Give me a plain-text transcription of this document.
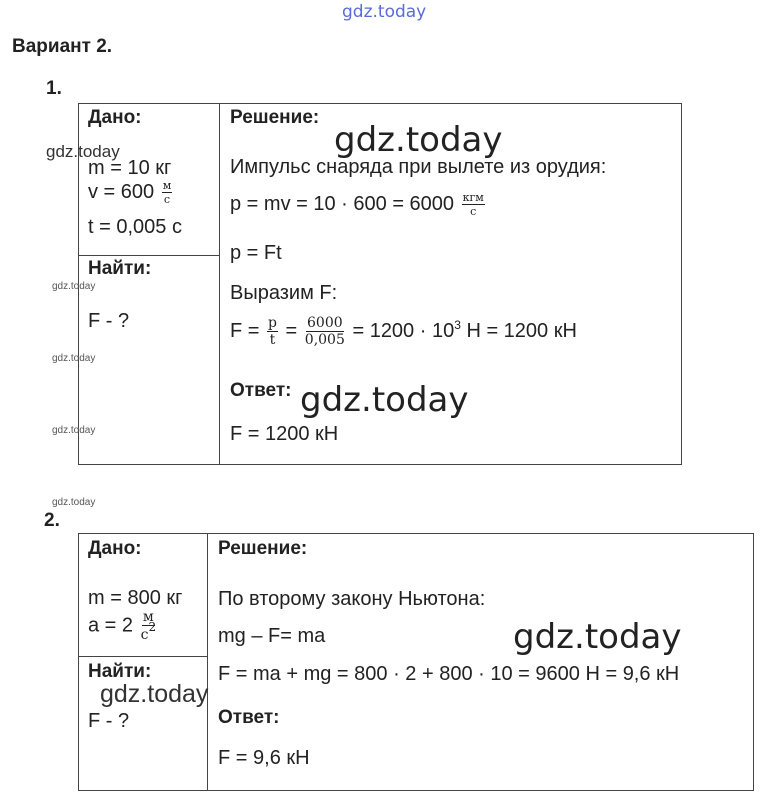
gdz.today
Вариант 2.
1.
Дано:
m = 10 кг
$v = 600 \frac{м}{с}$
t = 0,005 с
Найти:
F - ?
Решение:
Импульс снаряда при вылете из орудия:
p = mv = $10 \cdot 600 = 6000 \frac{\text{кгм}}{с}$
p = Ft
Выразим F:
$F = \frac{p}{t} = \frac{6000}{0,005} = 1200 \cdot 10^3$ Н = 1200 кН
Ответ:
F = 1200 кН
2.
Дано:
m = 800 кг
$a = 2 \frac{м}{с^2}$
Найти:
F - ?
Решение:
По второму закону Ньютона:
mg – F= ma
F = ma + mg = 800 · 2 + 800 · 10 = 9600 Н = 9,6 кН
Ответ:
F = 9,6 кН
gdz.today	gdz.today
gdz.today
gdz.today
gdz.today
gdz.today
gdz.today
gdz.today
gdz.today
